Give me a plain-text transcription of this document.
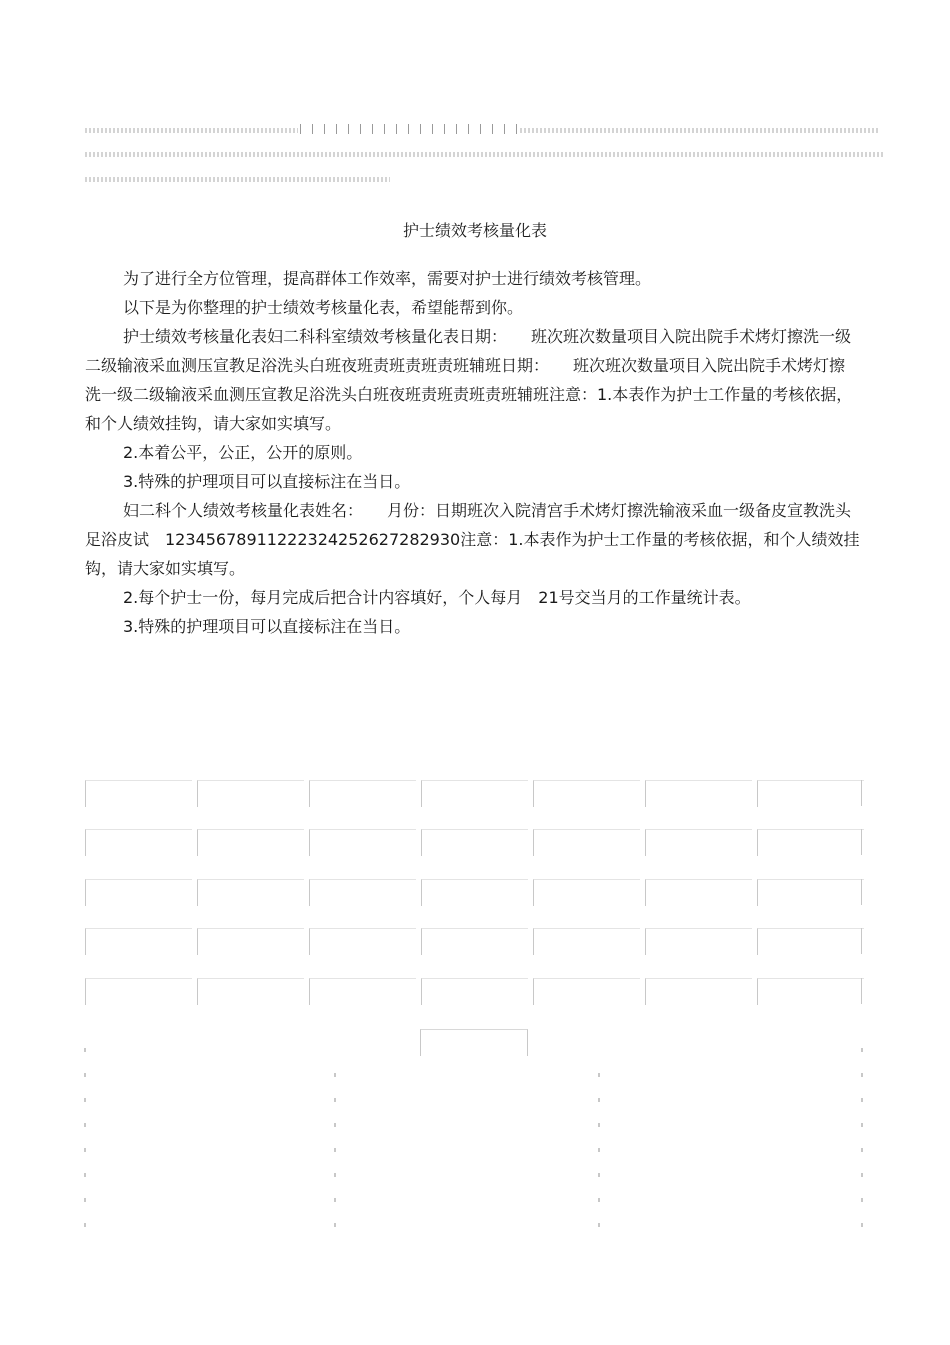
护士绩效考核量化表

为了进行全方位管理，提高群体工作效率，需要对护士进行绩效考核管理。

以下是为你整理的护士绩效考核量化表，希望能帮到你。

护士绩效考核量化表妇二科科室绩效考核量化表日期：　　班次班次数量项目入院出院手术烤灯擦洗一级二级输液采血测压宣教足浴洗头白班夜班责班责班责班辅班日期：　　班次班次数量项目入院出院手术烤灯擦洗一级二级输液采血测压宣教足浴洗头白班夜班责班责班责班辅班注意：1.本表作为护士工作量的考核依据，和个人绩效挂钩，请大家如实填写。

2.本着公平，公正，公开的原则。

3.特殊的护理项目可以直接标注在当日。

妇二科个人绩效考核量化表姓名：　　月份：日期班次入院清宫手术烤灯擦洗输液采血一级备皮宣教洗头足浴皮试　12345678911222324252627282930注意：1.本表作为护士工作量的考核依据，和个人绩效挂钩，请大家如实填写。

2.每个护士一份，每月完成后把合计内容填好，个人每月　21号交当月的工作量统计表。

3.特殊的护理项目可以直接标注在当日。
